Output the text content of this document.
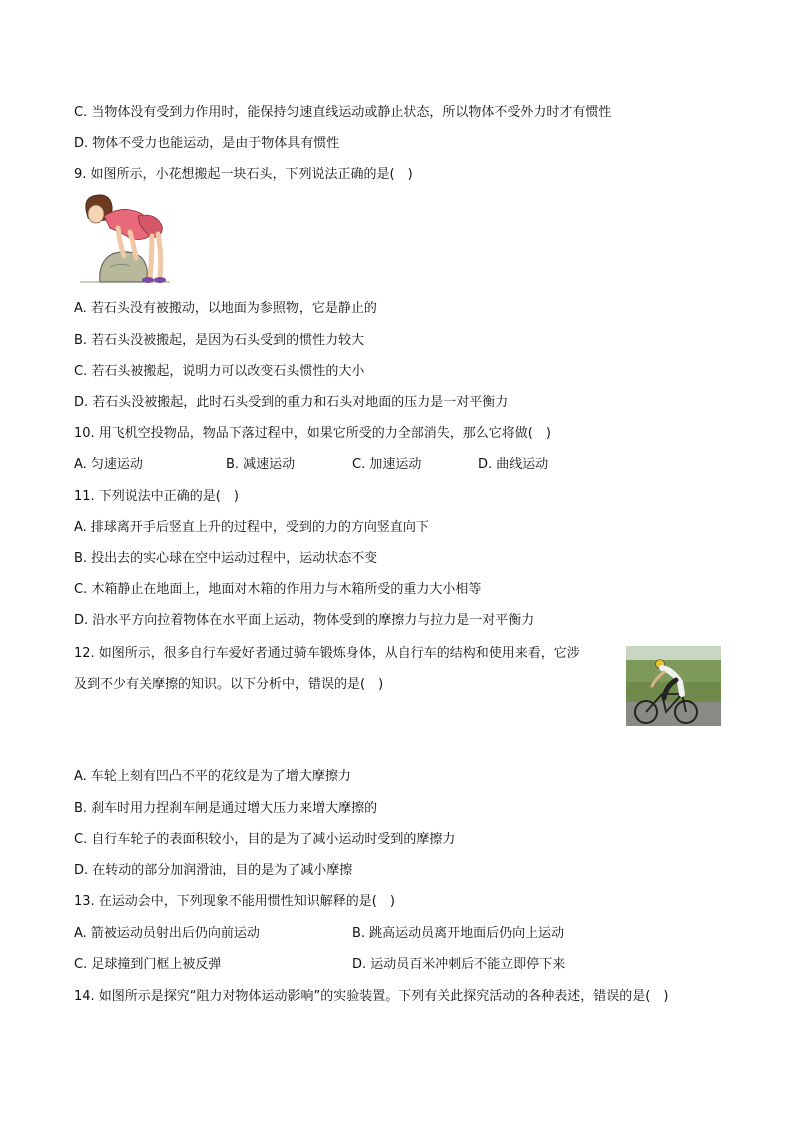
C. 当物体没有受到力作用时，能保持匀速直线运动或静止状态，所以物体不受外力时才有惯性
D. 物体不受力也能运动，是由于物体具有惯性
9. 如图所示，小花想搬起一块石头，下列说法正确的是(　)
A. 若石头没有被搬动，以地面为参照物，它是静止的
B. 若石头没被搬起，是因为石头受到的惯性力较大
C. 若石头被搬起，说明力可以改变石头惯性的大小
D. 若石头没被搬起，此时石头受到的重力和石头对地面的压力是一对平衡力
10. 用飞机空投物品，物品下落过程中，如果它所受的力全部消失，那么它将做(　)
A. 匀速运动	B. 减速运动	C. 加速运动	D. 曲线运动
11. 下列说法中正确的是(　)
A. 排球离开手后竖直上升的过程中，受到的力的方向竖直向下
B. 投出去的实心球在空中运动过程中，运动状态不变
C. 木箱静止在地面上，地面对木箱的作用力与木箱所受的重力大小相等
D. 沿水平方向拉着物体在水平面上运动，物体受到的摩擦力与拉力是一对平衡力
12. 如图所示，很多自行车爱好者通过骑车锻炼身体，从自行车的结构和使用来看，它涉
及到不少有关摩擦的知识。以下分析中，错误的是(　)
A. 车轮上刻有凹凸不平的花纹是为了增大摩擦力
B. 刹车时用力捏刹车闸是通过增大压力来增大摩擦的
C. 自行车轮子的表面积较小，目的是为了减小运动时受到的摩擦力
D. 在转动的部分加润滑油，目的是为了减小摩擦
13. 在运动会中，下列现象不能用惯性知识解释的是(　)
A. 箭被运动员射出后仍向前运动	B. 跳高运动员离开地面后仍向上运动
C. 足球撞到门框上被反弹	D. 运动员百米冲刺后不能立即停下来
14. 如图所示是探究“阻力对物体运动影响”的实验装置。下列有关此探究活动的各种表述，错误的是(　)
